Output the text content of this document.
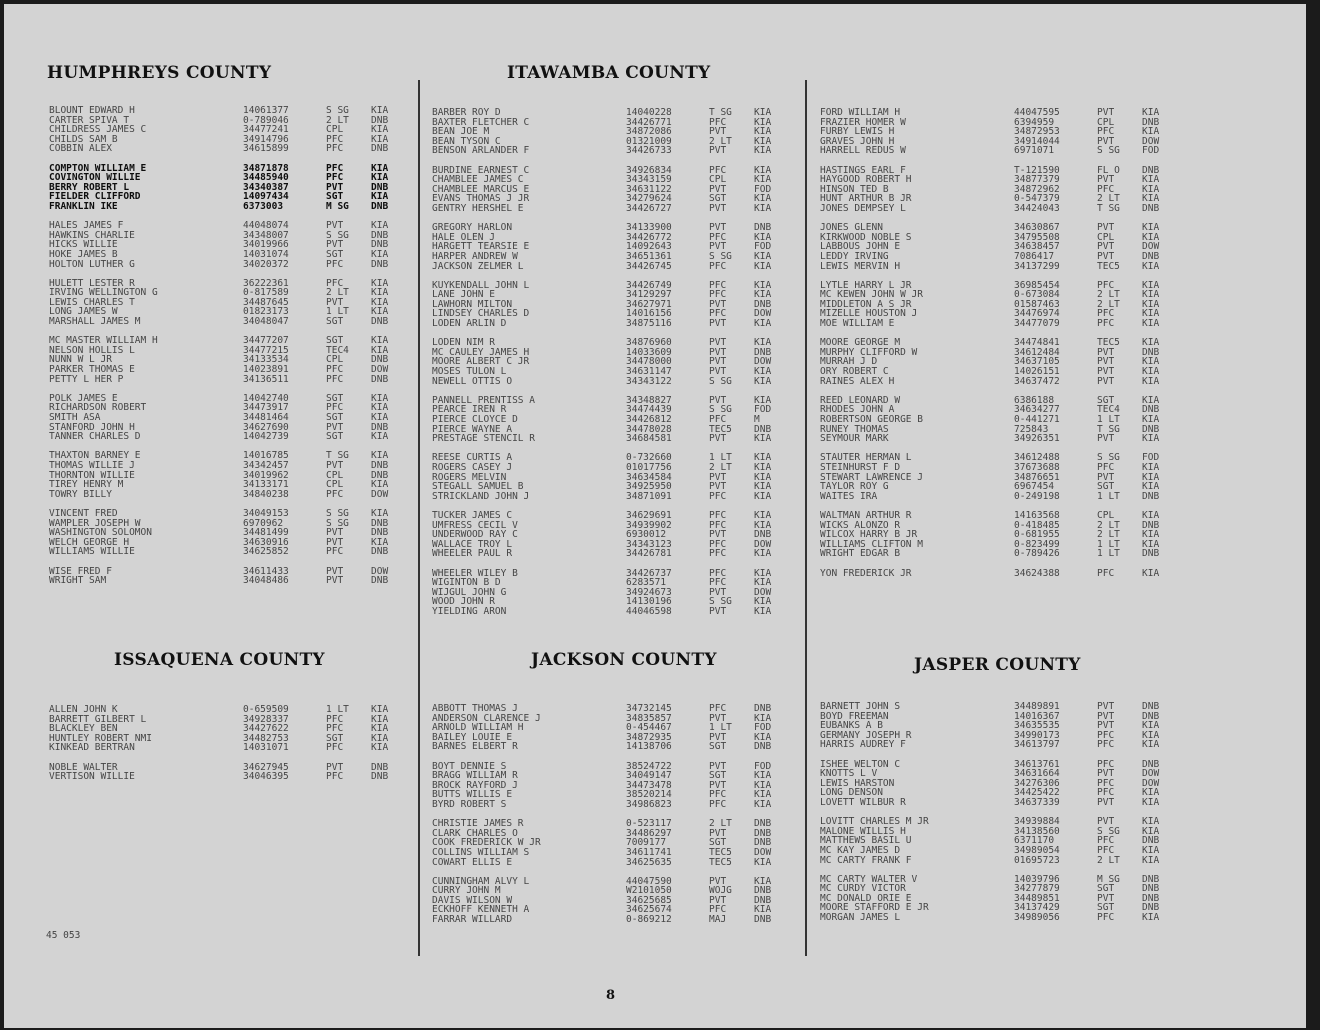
HUMPHREYS COUNTY
BLOUNT EDWARD H	14061377	S SG	KIA
CARTER SPIVA T	0-789046	2 LT	DNB
CHILDRESS JAMES C	34477241	CPL	KIA
CHILDS SAM B	34914796	PFC	KIA
COBBIN ALEX	34615899	PFC	DNB
COMPTON WILLIAM E	34871878	PFC	KIA
COVINGTON WILLIE	34485940	PFC	KIA
BERRY ROBERT L	34340387	PVT	DNB
FIELDER CLIFFORD	14097434	SGT	KIA
FRANKLIN IKE	6373003	M SG	DNB
HALES JAMES F	44048074	PVT	KIA
HAWKINS CHARLIE	34348007	S SG	DNB
HICKS WILLIE	34019966	PVT	DNB
HOKE JAMES B	14031074	SGT	KIA
HOLTON LUTHER G	34020372	PFC	DNB
HULETT LESTER R	36222361	PFC	KIA
IRVING WELLINGTON G	0-817589	2 LT	KIA
LEWIS CHARLES T	34487645	PVT	KIA
LONG JAMES W	01823173	1 LT	KIA
MARSHALL JAMES M	34048047	SGT	DNB
MC MASTER WILLIAM H	34477207	SGT	KIA
NELSON HOLLIS L	34477215	TEC4	KIA
NUNN W L JR	34133534	CPL	DNB
PARKER THOMAS E	14023891	PFC	DOW
PETTY L HER P	34136511	PFC	DNB
POLK JAMES E	14042740	SGT	KIA
RICHARDSON ROBERT	34473917	PFC	KIA
SMITH ASA	34481464	SGT	KIA
STANFORD JOHN H	34627690	PVT	DNB
TANNER CHARLES D	14042739	SGT	KIA
THAXTON BARNEY E	14016785	T SG	KIA
THOMAS WILLIE J	34342457	PVT	DNB
THORNTON WILLIE	34019962	CPL	DNB
TIREY HENRY M	34133171	CPL	KIA
TOWRY BILLY	34840238	PFC	DOW
VINCENT FRED	34049153	S SG	KIA
WAMPLER JOSEPH W	6970962	S SG	DNB
WASHINGTON SOLOMON	34481499	PVT	DNB
WELCH GEORGE H	34630916	PVT	KIA
WILLIAMS WILLIE	34625852	PFC	DNB
WISE FRED F	34611433	PVT	DOW
WRIGHT SAM	34048486	PVT	DNB
ITAWAMBA COUNTY
BARBER ROY D	14040228	T SG	KIA
BAXTER FLETCHER C	34426771	PFC	KIA
BEAN JOE M	34872086	PVT	KIA
BEAN TYSON C	01321009	2 LT	KIA
BENSON ARLANDER F	34426733	PVT	KIA
BURDINE EARNEST C	34926834	PFC	KIA
CHAMBLEE JAMES C	34343159	CPL	KIA
CHAMBLEE MARCUS E	34631122	PVT	FOD
EVANS THOMAS J JR	34279624	SGT	KIA
GENTRY HERSHEL E	34426727	PVT	KIA
GREGORY HARLON	34133900	PVT	DNB
HALE OLEN J	34426772	PFC	KIA
HARGETT TEARSIE E	14092643	PVT	FOD
HARPER ANDREW W	34651361	S SG	KIA
JACKSON ZELMER L	34426745	PFC	KIA
KUYKENDALL JOHN L	34426749	PFC	KIA
LANE JOHN E	34129297	PFC	KIA
LAWHORN MILTON	34627971	PVT	DNB
LINDSEY CHARLES D	14016156	PFC	DOW
LODEN ARLIN D	34875116	PVT	KIA
LODEN NIM R	34876960	PVT	KIA
MC CAULEY JAMES H	14033609	PVT	DNB
MOORE ALBERT C JR	34478000	PVT	DOW
MOSES TULON L	34631147	PVT	KIA
NEWELL OTTIS O	34343122	S SG	KIA
PANNELL PRENTISS A	34348827	PVT	KIA
PEARCE IREN R	34474439	S SG	FOD
PIERCE CLOYCE D	34426812	PFC	M
PIERCE WAYNE A	34478028	TEC5	DNB
PRESTAGE STENCIL R	34684581	PVT	KIA
REESE CURTIS A	0-732660	1 LT	KIA
ROGERS CASEY J	01017756	2 LT	KIA
ROGERS MELVIN	34634584	PVT	KIA
STEGALL SAMUEL B	34925950	PVT	KIA
STRICKLAND JOHN J	34871091	PFC	KIA
TUCKER JAMES C	34629691	PFC	KIA
UMFRESS CECIL V	34939902	PFC	KIA
UNDERWOOD RAY C	6930012	PVT	DNB
WALLACE TROY L	34343123	PFC	DOW
WHEELER PAUL R	34426781	PFC	KIA
WHEELER WILEY B	34426737	PFC	KIA
WIGINTON B D	6283571	PFC	KIA
WIJGUL JOHN G	34924673	PVT	DOW
WOOD JOHN R	14130196	S SG	KIA
YIELDING ARON	44046598	PVT	KIA
FORD WILLIAM H	44047595	PVT	KIA
FRAZIER HOMER W	6394959	CPL	DNB
FURBY LEWIS H	34872953	PFC	KIA
GRAVES JOHN H	34914044	PVT	DOW
HARRELL REDUS W	6971071	S SG	FOD
HASTINGS EARL F	T-121590	FL O	DNB
HAYGOOD ROBERT H	34877379	PVT	KIA
HINSON TED B	34872962	PFC	KIA
HUNT ARTHUR B JR	0-547379	2 LT	KIA
JONES DEMPSEY L	34424043	T SG	DNB
JONES GLENN	34630867	PVT	KIA
KIRKWOOD NOBLE S	34795508	CPL	KIA
LABBOUS JOHN E	34638457	PVT	DOW
LEDDY IRVING	7086417	PVT	DNB
LEWIS MERVIN H	34137299	TEC5	KIA
LYTLE HARRY L JR	36985454	PFC	KIA
MC KEWEN JOHN W JR	0-673084	2 LT	KIA
MIDDLETON A S JR	01587463	2 LT	KIA
MIZELLE HOUSTON J	34476974	PFC	KIA
MOE WILLIAM E	34477079	PFC	KIA
MOORE GEORGE M	34474841	TEC5	KIA
MURPHY CLIFFORD W	34612484	PVT	DNB
MURRAH J D	34637105	PVT	KIA
ORY ROBERT C	14026151	PVT	KIA
RAINES ALEX H	34637472	PVT	KIA
REED LEONARD W	6386188	SGT	KIA
RHODES JOHN A	34634277	TEC4	DNB
ROBERTSON GEORGE B	0-441271	1 LT	KIA
RUNEY THOMAS	725843	T SG	DNB
SEYMOUR MARK	34926351	PVT	KIA
STAUTER HERMAN L	34612488	S SG	FOD
STEINHURST F D	37673688	PFC	KIA
STEWART LAWRENCE J	34876651	PVT	KIA
TAYLOR ROY G	6967454	SGT	KIA
WAITES IRA	0-249198	1 LT	DNB
WALTMAN ARTHUR R	14163568	CPL	KIA
WICKS ALONZO R	0-418485	2 LT	DNB
WILCOX HARRY B JR	0-681955	2 LT	KIA
WILLIAMS CLIFTON M	0-823499	1 LT	KIA
WRIGHT EDGAR B	0-789426	1 LT	DNB
YON FREDERICK JR	34624388	PFC	KIA
ISSAQUENA COUNTY
ALLEN JOHN K	0-659509	1 LT	KIA
BARRETT GILBERT L	34928337	PFC	KIA
BLACKLEY BEN	34427622	PFC	KIA
HUNTLEY ROBERT NMI	34482753	SGT	KIA
KINKEAD BERTRAN	14031071	PFC	KIA
NOBLE WALTER	34627945	PVT	DNB
VERTISON WILLIE	34046395	PFC	DNB
JACKSON COUNTY
ABBOTT THOMAS J	34732145	PFC	DNB
ANDERSON CLARENCE J	34835857	PVT	KIA
ARNOLD WILLIAM H	0-454467	1 LT	FOD
BAILEY LOUIE E	34872935	PVT	KIA
BARNES ELBERT R	14138706	SGT	DNB
BOYT DENNIE S	38524722	PVT	FOD
BRAGG WILLIAM R	34049147	SGT	KIA
BROCK RAYFORD J	34473478	PVT	KIA
BUTTS WILLIS E	38520214	PFC	KIA
BYRD ROBERT S	34986823	PFC	KIA
CHRISTIE JAMES R	0-523117	2 LT	DNB
CLARK CHARLES O	34486297	PVT	DNB
COOK FREDERICK W JR	7009177	SGT	DNB
COLLINS WILLIAM S	34611741	TEC5	DOW
COWART ELLIS E	34625635	TEC5	KIA
CUNNINGHAM ALVY L	44047590	PVT	KIA
CURRY JOHN M	W2101050	WOJG	DNB
DAVIS WILSON W	34625685	PVT	DNB
ECKHOFF KENNETH A	34625674	PFC	KIA
FARRAR WILLARD	0-869212	MAJ	DNB
JASPER COUNTY
BARNETT JOHN S	34489891	PVT	DNB
BOYD FREEMAN	14016367	PVT	DNB
EUBANKS A B	34635535	PVT	KIA
GERMANY JOSEPH R	34990173	PFC	KIA
HARRIS AUDREY F	34613797	PFC	KIA
ISHEE WELTON C	34613761	PFC	DNB
KNOTTS L V	34631664	PVT	DOW
LEWIS HARSTON	34276306	PFC	DOW
LONG DENSON	34425422	PFC	KIA
LOVETT WILBUR R	34637339	PVT	KIA
LOVITT CHARLES M JR	34939884	PVT	KIA
MALONE WILLIS H	34138560	S SG	KIA
MATTHEWS BASIL U	6371170	PFC	DNB
MC KAY JAMES D	34989054	PFC	KIA
MC CARTY FRANK F	01695723	2 LT	KIA
MC CARTY WALTER V	14039796	M SG	DNB
MC CURDY VICTOR	34277879	SGT	DNB
MC DONALD ORIE E	34489851	PVT	DNB
MOORE STAFFORD E JR	34137429	SGT	DNB
MORGAN JAMES L	34989056	PFC	KIA
45 053
8
